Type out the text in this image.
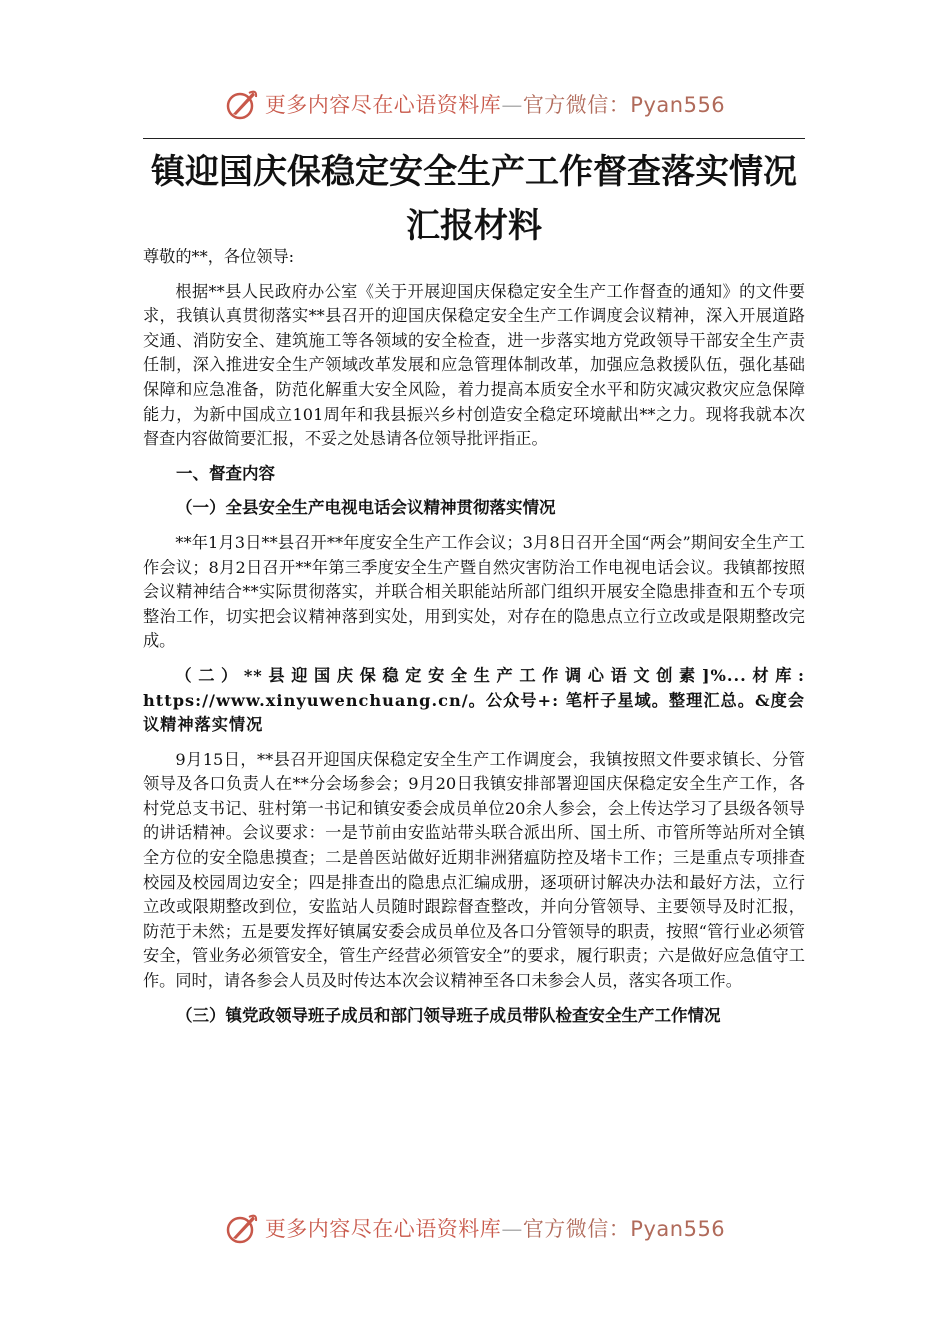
更多内容尽在心语资料库—官方微信：Pyan556
镇迎国庆保稳定安全生产工作督查落实情况汇报材料

尊敬的**，各位领导:

根据**县人民政府办公室《关于开展迎国庆保稳定安全生产工作督查的通知》的文件要求，我镇认真贯彻落实**县召开的迎国庆保稳定安全生产工作调度会议精神，深入开展道路交通、消防安全、建筑施工等各领域的安全检查，进一步落实地方党政领导干部安全生产责任制，深入推进安全生产领域改革发展和应急管理体制改革，加强应急救援队伍，强化基础保障和应急准备，防范化解重大安全风险，着力提高本质安全水平和防灾减灾救灾应急保障能力，为新中国成立101周年和我县振兴乡村创造安全稳定环境献出**之力。现将我就本次督查内容做简要汇报，不妥之处恳请各位领导批评指正。

一、督查内容

（一）全县安全生产电视电话会议精神贯彻落实情况

**年1月3日**县召开**年度安全生产工作会议；3月8日召开全国“两会”期间安全生产工作会议；8月2日召开**年第三季度安全生产暨自然灾害防治工作电视电话会议。我镇都按照会议精神结合**实际贯彻落实，并联合相关职能站所部门组织开展安全隐患排查和五个专项整治工作，切实把会议精神落到实处，用到实处，对存在的隐患点立行立改或是限期整改完成。

（二）**县迎国庆保稳定安全生产工作调心语文创素]%...材库: https://www.xinyuwenchuang.cn/。公众号+: 笔杆子星域。整理汇总。&度会议精神落实情况

9月15日，**县召开迎国庆保稳定安全生产工作调度会，我镇按照文件要求镇长、分管领导及各口负责人在**分会场参会；9月20日我镇安排部署迎国庆保稳定安全生产工作，各村党总支书记、驻村第一书记和镇安委会成员单位20余人参会，会上传达学习了县级各领导的讲话精神。会议要求：一是节前由安监站带头联合派出所、国土所、市管所等站所对全镇全方位的安全隐患摸查；二是兽医站做好近期非洲猪瘟防控及堵卡工作；三是重点专项排查校园及校园周边安全；四是排查出的隐患点汇编成册，逐项研讨解决办法和最好方法，立行立改或限期整改到位，安监站人员随时跟踪督查整改，并向分管领导、主要领导及时汇报，防范于未然；五是要发挥好镇属安委会成员单位及各口分管领导的职责，按照“管行业必须管安全，管业务必须管安全，管生产经营必须管安全”的要求，履行职责；六是做好应急值守工作。同时，请各参会人员及时传达本次会议精神至各口未参会人员，落实各项工作。

（三）镇党政领导班子成员和部门领导班子成员带队检查安全生产工作情况

更多内容尽在心语资料库—官方微信：Pyan556
